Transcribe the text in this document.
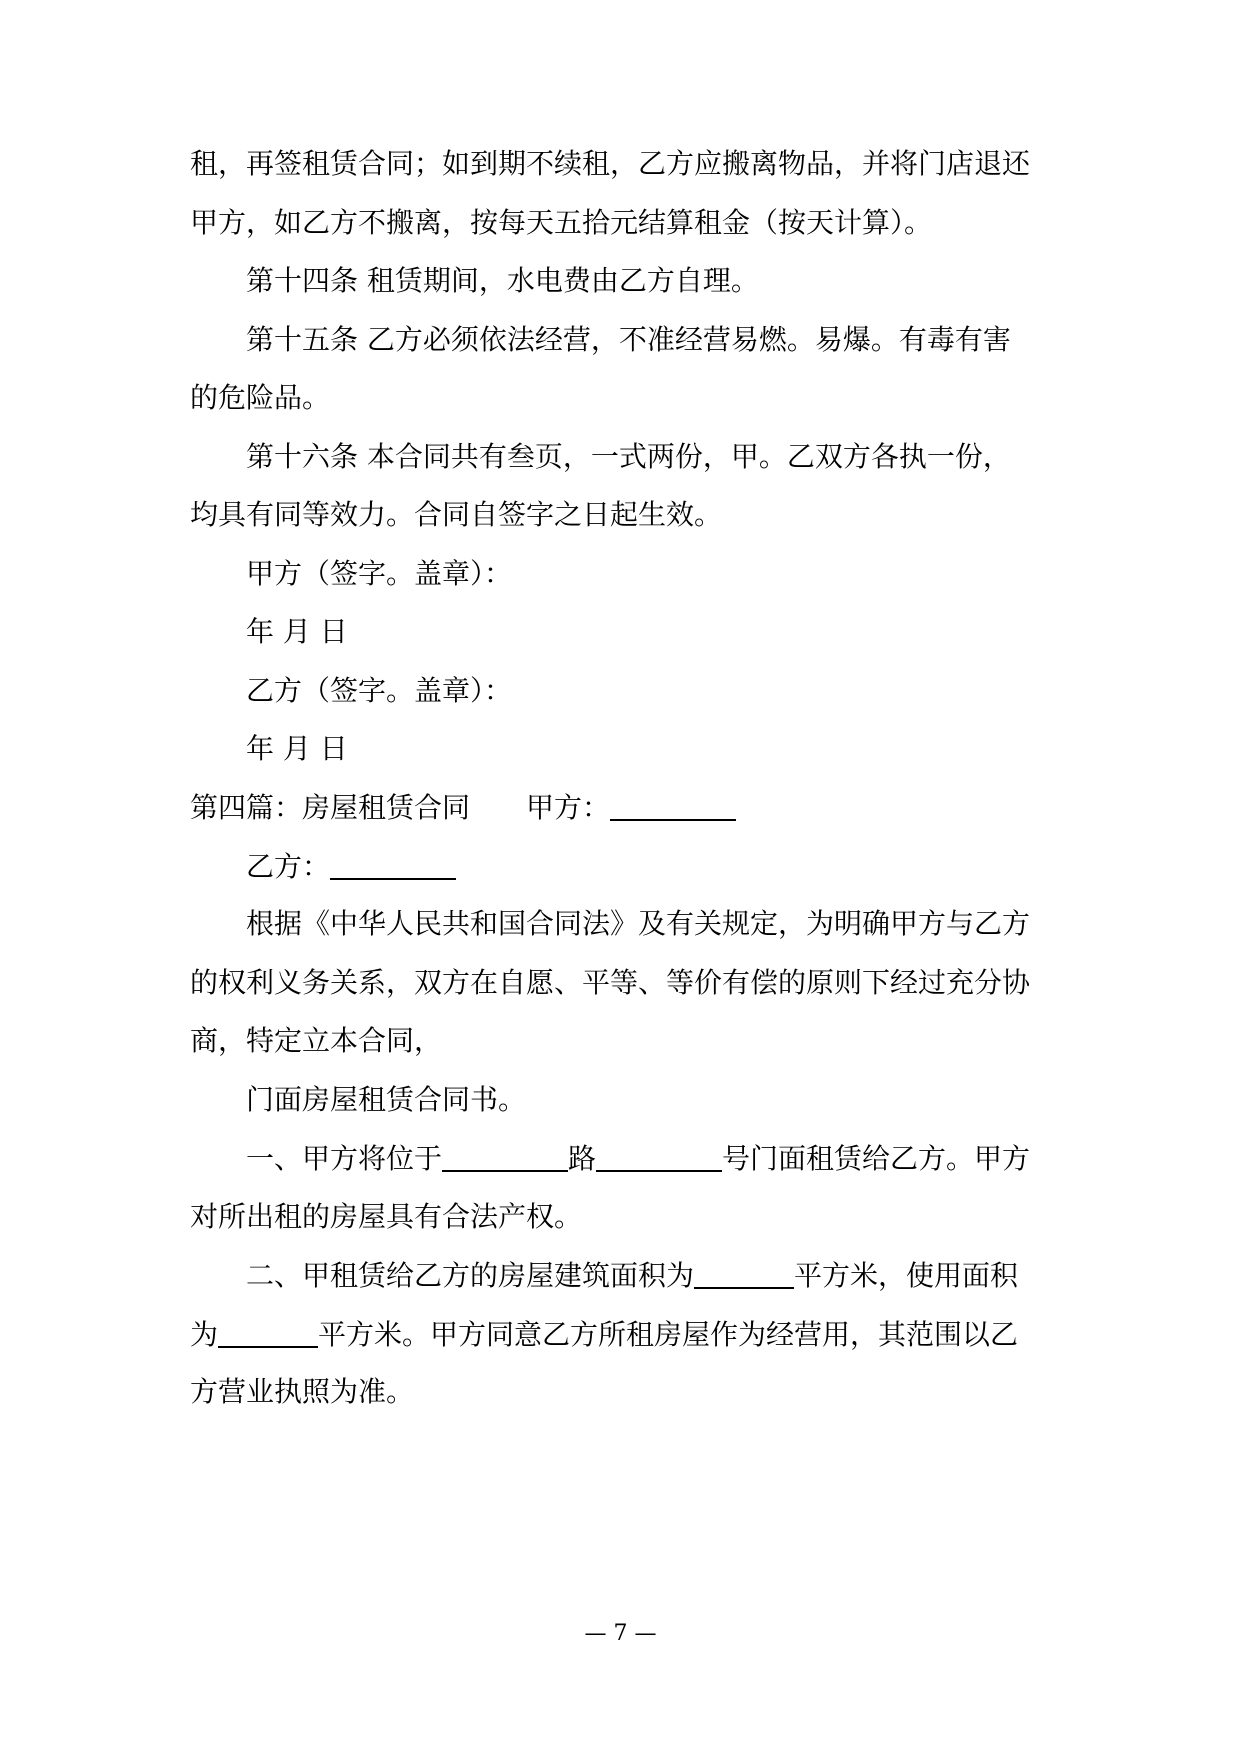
租，再签租赁合同；如到期不续租，乙方应搬离物品，并将门店退还
甲方，如乙方不搬离，按每天五拾元结算租金（按天计算）。
第十四条 租赁期间，水电费由乙方自理。
第十五条 乙方必须依法经营，不准经营易燃。易爆。有毒有害
的危险品。
第十六条 本合同共有叁页，一式两份，甲。乙双方各执一份，
均具有同等效力。合同自签字之日起生效。
甲方（签字。盖章）：
年 月 日
乙方（签字。盖章）：
年 月 日
第四篇：房屋租赁合同 甲方：
乙方：
根据《中华人民共和国合同法》及有关规定，为明确甲方与乙方
的权利义务关系，双方在自愿、平等、等价有偿的原则下经过充分协
商，特定立本合同，
门面房屋租赁合同书。
一、甲方将位于	路	号门面租赁给乙方。甲方
对所出租的房屋具有合法产权。
二、甲租赁给乙方的房屋建筑面积为	平方米，使用面积
为	平方米。甲方同意乙方所租房屋作为经营用，其范围以乙
方营业执照为准。
— 7 —
